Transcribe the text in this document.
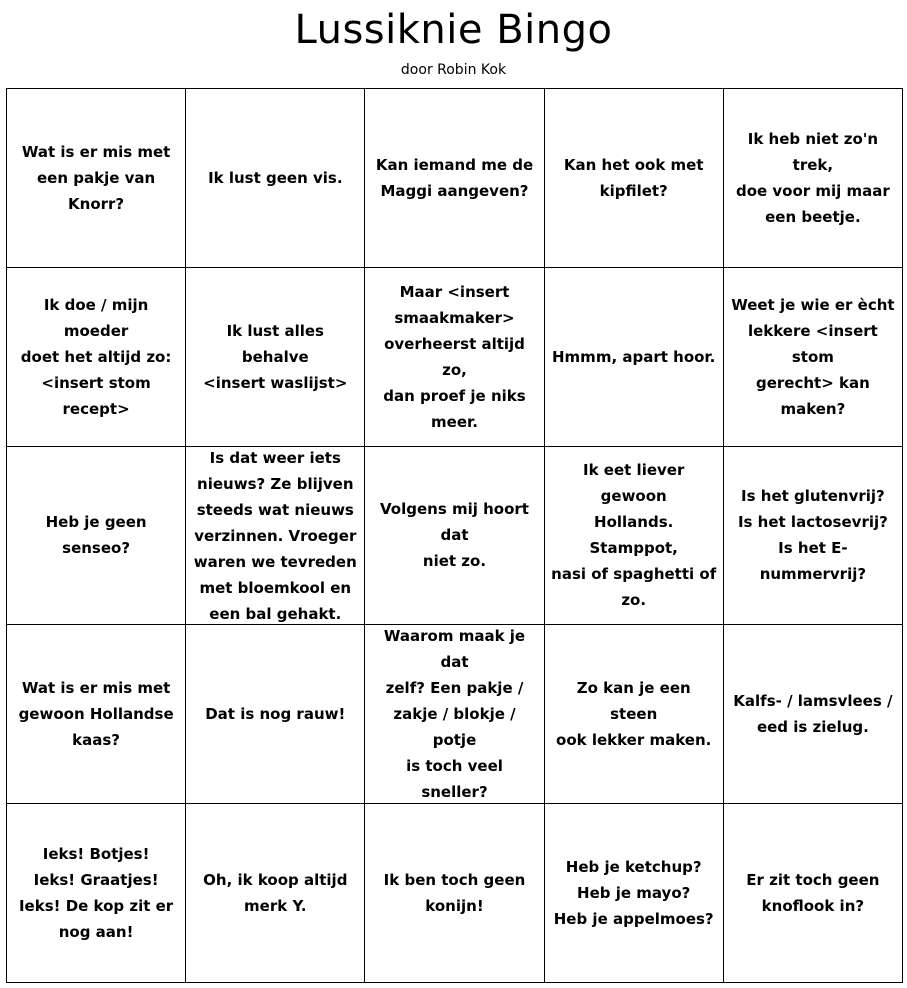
Lussiknie Bingo
door Robin Kok
Wat is er mis met
een pakje van Knorr?
Ik lust geen vis.
Kan iemand me de
Maggi aangeven?
Kan het ook met
kipfilet?
Ik heb niet zo'n trek,
doe voor mij maar
een beetje.
Ik doe / mijn moeder
doet het altijd zo:
<insert stom recept>
Ik lust alles behalve
<insert waslijst>
Maar <insert
smaakmaker>
overheerst altijd zo,
dan proef je niks
meer.
Hmmm, apart hoor.
Weet je wie er ècht
lekkere <insert stom
gerecht> kan maken?
Heb je geen senseo?
Is dat weer iets
nieuws? Ze blijven
steeds wat nieuws
verzinnen. Vroeger
waren we tevreden
met bloemkool en
een bal gehakt.
Volgens mij hoort dat
niet zo.
Ik eet liever gewoon
Hollands. Stamppot,
nasi of spaghetti of
zo.
Is het glutenvrij?
Is het lactosevrij?
Is het E-nummervrij?
Wat is er mis met
gewoon Hollandse
kaas?
Dat is nog rauw!
Waarom maak je dat
zelf? Een pakje /
zakje / blokje / potje
is toch veel sneller?
Zo kan je een steen
ook lekker maken.
Kalfs- / lamsvlees /
eed is zielug.
Ieks! Botjes!
Ieks! Graatjes!
Ieks! De kop zit er
nog aan!
Oh, ik koop altijd
merk Y.
Ik ben toch geen
konijn!
Heb je ketchup?
Heb je mayo?
Heb je appelmoes?
Er zit toch geen
knoflook in?
